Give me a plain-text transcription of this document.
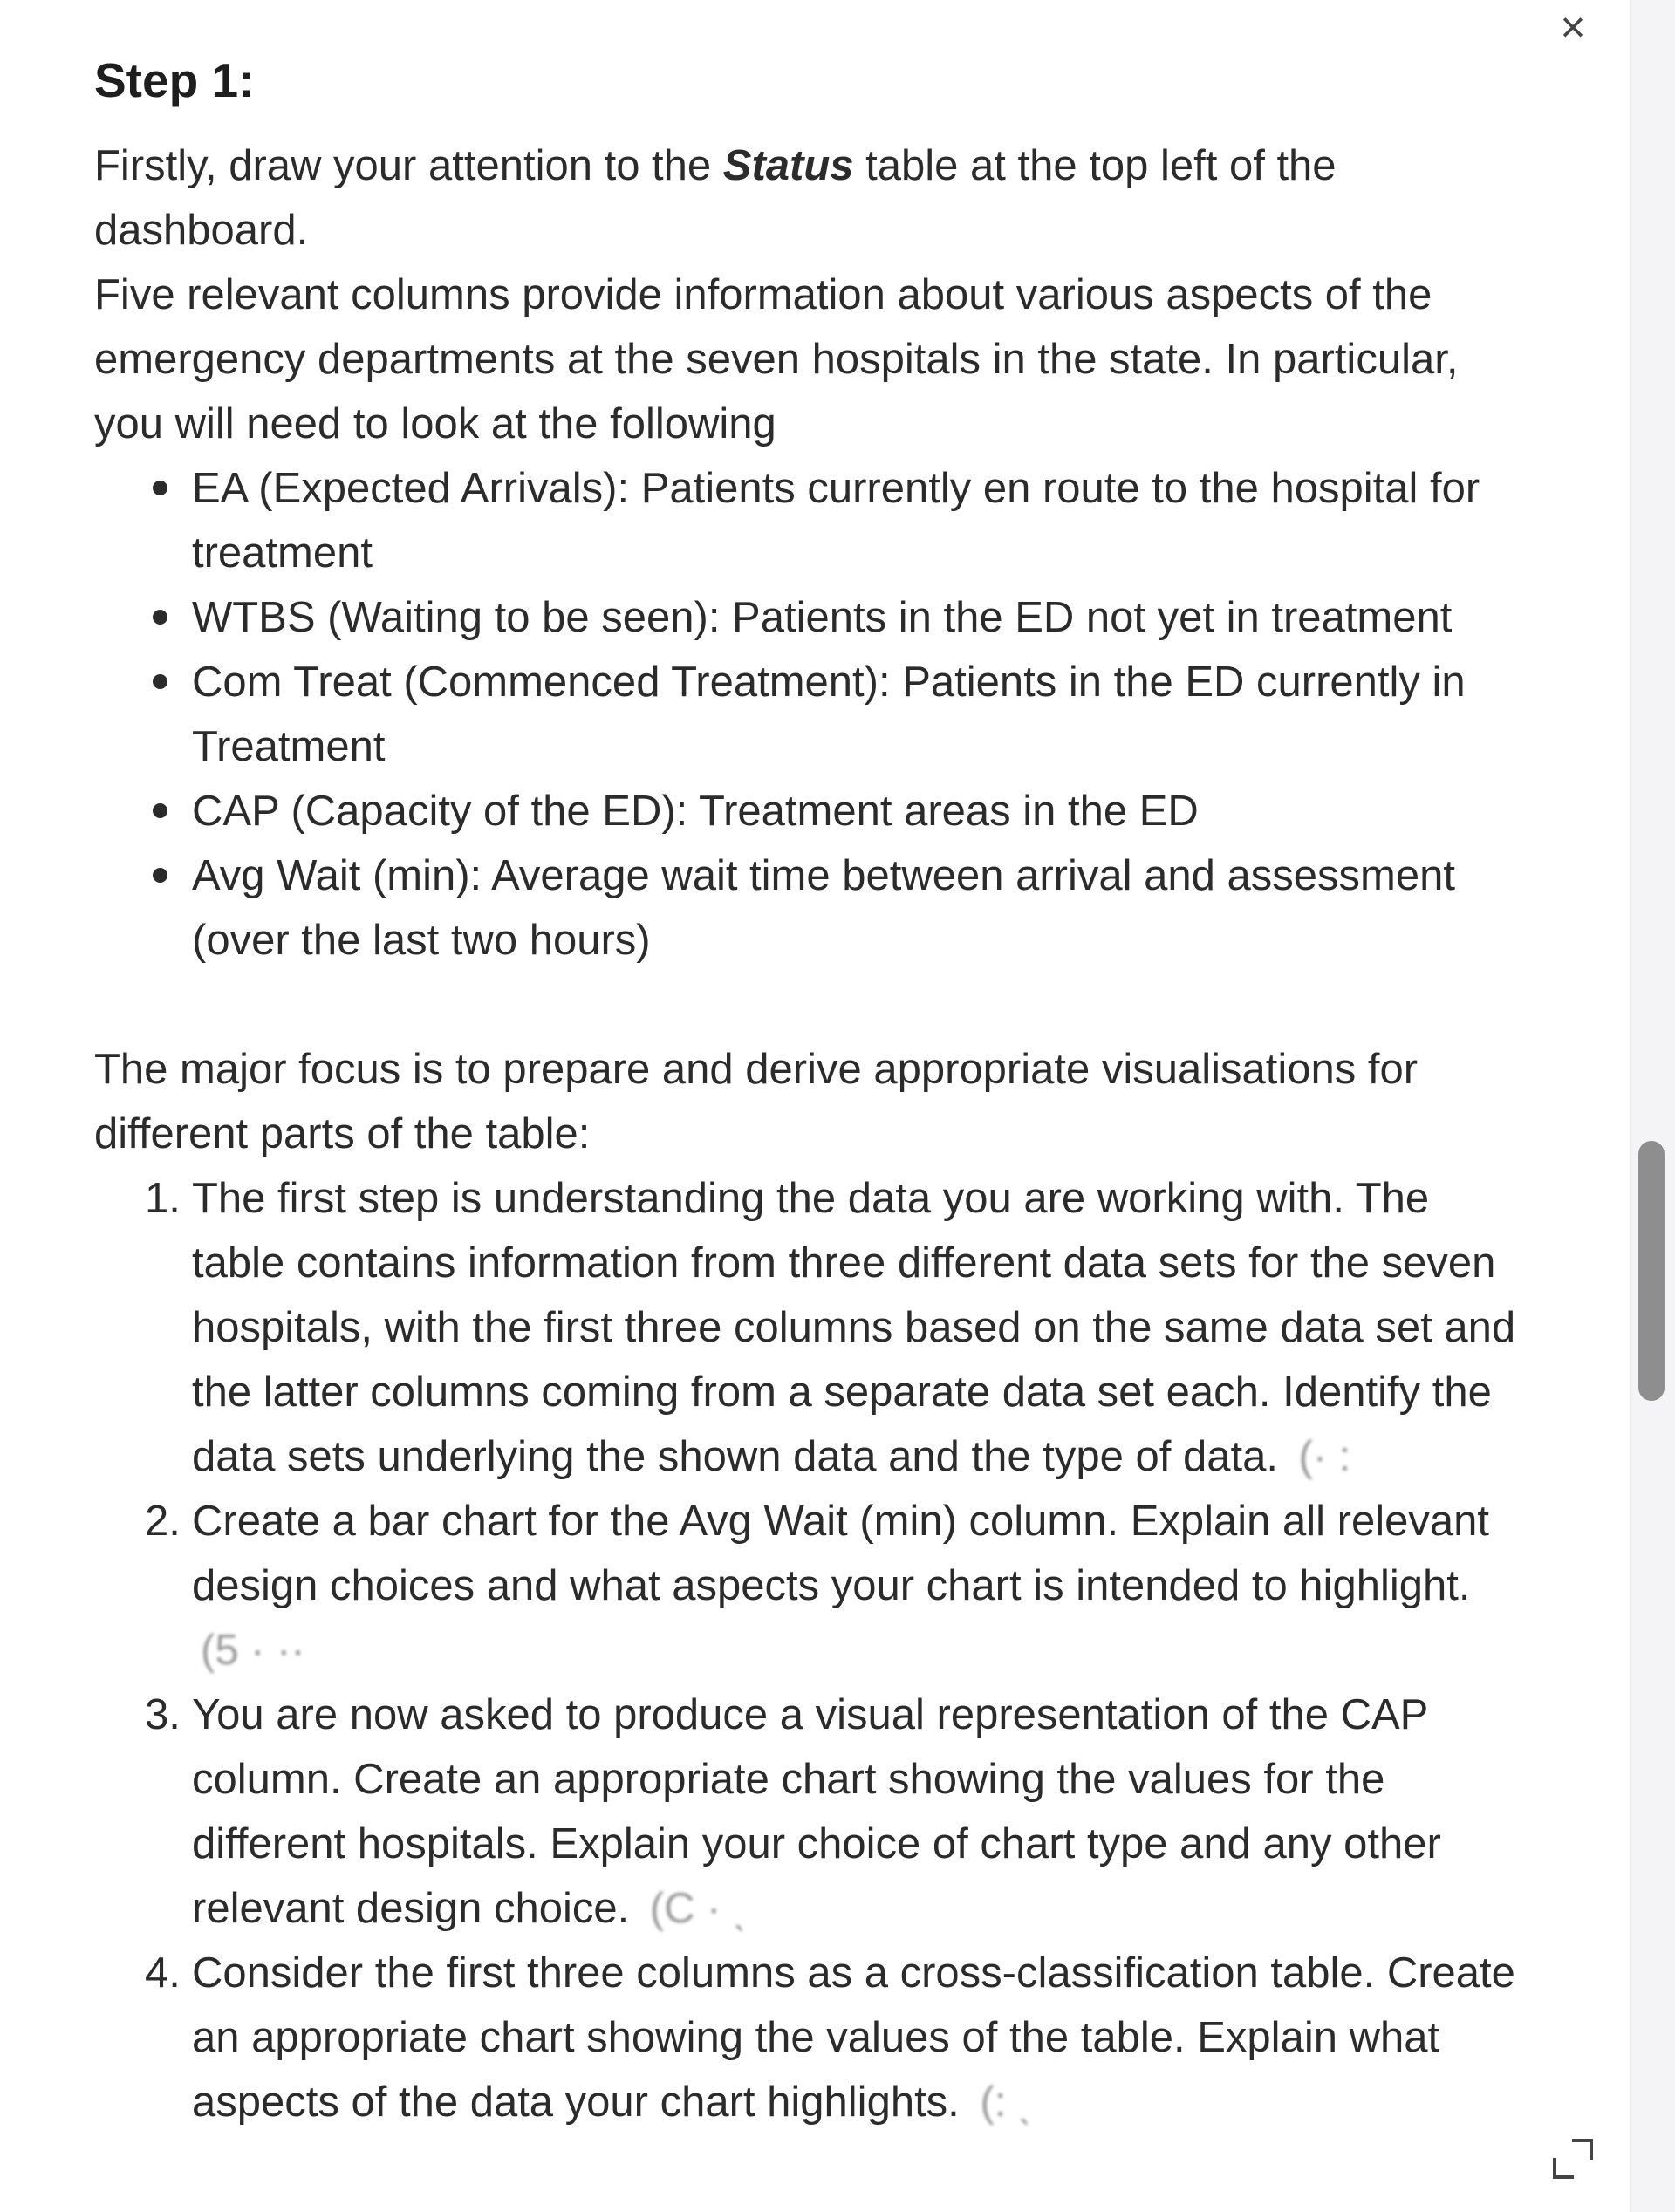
×
Step 1:

Firstly, draw your attention to the Status table at the top left of the dashboard.

Five relevant columns provide information about various aspects of the emergency departments at the seven hospitals in the state. In particular, you will need to look at the following

EA (Expected Arrivals): Patients currently en route to the hospital for treatment
WTBS (Waiting to be seen): Patients in the ED not yet in treatment
Com Treat (Commenced Treatment): Patients in the ED currently in Treatment
CAP (Capacity of the ED): Treatment areas in the ED
Avg Wait (min): Average wait time between arrival and assessment (over the last two hours)

The major focus is to prepare and derive appropriate visualisations for different parts of the table:

1. The first step is understanding the data you are working with. The table contains information from three different data sets for the seven hospitals, with the first three columns based on the same data set and the latter columns coming from a separate data set each. Identify the data sets underlying the shown data and the type of data. (· :
2. Create a bar chart for the Avg Wait (min) column. Explain all relevant design choices and what aspects your chart is intended to highlight. (5 · ··
3. You are now asked to produce a visual representation of the CAP column. Create an appropriate chart showing the values for the different hospitals. Explain your choice of chart type and any other relevant design choice. (C · ˎ
4. Consider the first three columns as a cross-classification table. Create an appropriate chart showing the values of the table. Explain what aspects of the data your chart highlights. (: ˎ
